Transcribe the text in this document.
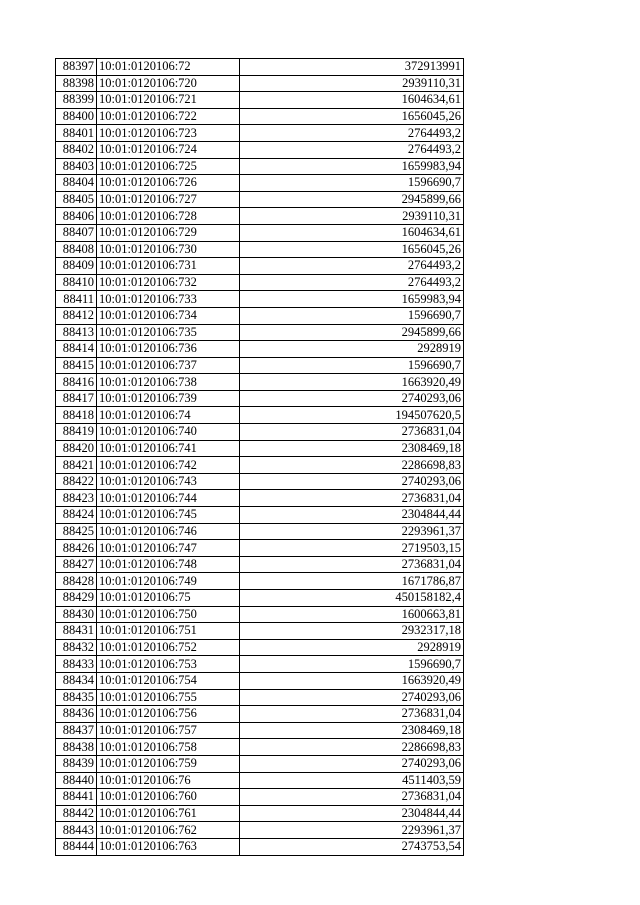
88397	10:01:0120106:72	372913991
88398	10:01:0120106:720	2939110,31
88399	10:01:0120106:721	1604634,61
88400	10:01:0120106:722	1656045,26
88401	10:01:0120106:723	2764493,2
88402	10:01:0120106:724	2764493,2
88403	10:01:0120106:725	1659983,94
88404	10:01:0120106:726	1596690,7
88405	10:01:0120106:727	2945899,66
88406	10:01:0120106:728	2939110,31
88407	10:01:0120106:729	1604634,61
88408	10:01:0120106:730	1656045,26
88409	10:01:0120106:731	2764493,2
88410	10:01:0120106:732	2764493,2
88411	10:01:0120106:733	1659983,94
88412	10:01:0120106:734	1596690,7
88413	10:01:0120106:735	2945899,66
88414	10:01:0120106:736	2928919
88415	10:01:0120106:737	1596690,7
88416	10:01:0120106:738	1663920,49
88417	10:01:0120106:739	2740293,06
88418	10:01:0120106:74	194507620,5
88419	10:01:0120106:740	2736831,04
88420	10:01:0120106:741	2308469,18
88421	10:01:0120106:742	2286698,83
88422	10:01:0120106:743	2740293,06
88423	10:01:0120106:744	2736831,04
88424	10:01:0120106:745	2304844,44
88425	10:01:0120106:746	2293961,37
88426	10:01:0120106:747	2719503,15
88427	10:01:0120106:748	2736831,04
88428	10:01:0120106:749	1671786,87
88429	10:01:0120106:75	450158182,4
88430	10:01:0120106:750	1600663,81
88431	10:01:0120106:751	2932317,18
88432	10:01:0120106:752	2928919
88433	10:01:0120106:753	1596690,7
88434	10:01:0120106:754	1663920,49
88435	10:01:0120106:755	2740293,06
88436	10:01:0120106:756	2736831,04
88437	10:01:0120106:757	2308469,18
88438	10:01:0120106:758	2286698,83
88439	10:01:0120106:759	2740293,06
88440	10:01:0120106:76	4511403,59
88441	10:01:0120106:760	2736831,04
88442	10:01:0120106:761	2304844,44
88443	10:01:0120106:762	2293961,37
88444	10:01:0120106:763	2743753,54
